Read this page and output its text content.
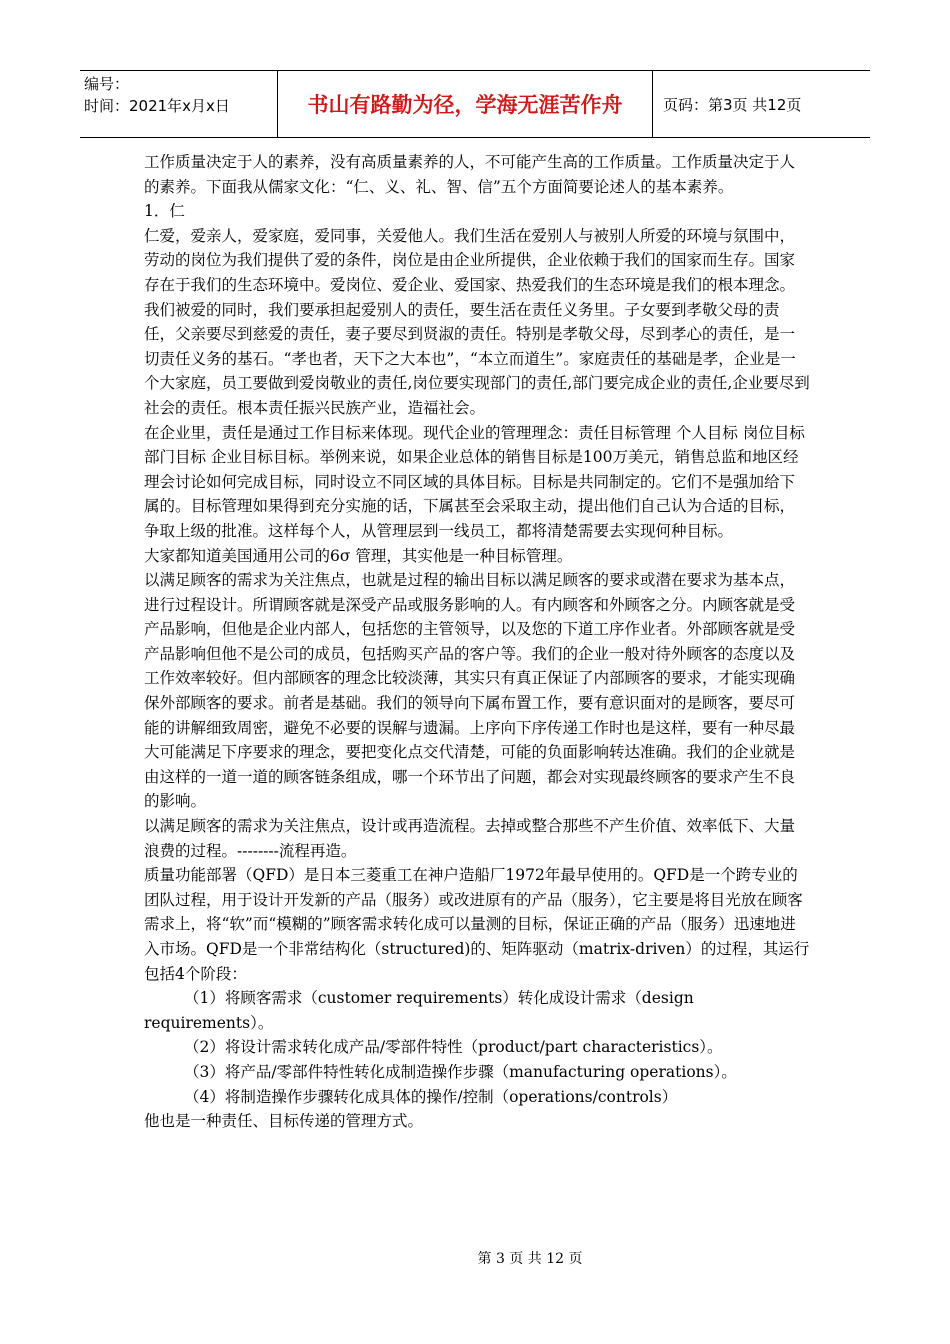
编号：
时间：2021年x月x日	书山有路勤为径，学海无涯苦作舟	页码：第3页 共12页

工作质量决定于人的素养，没有高质量素养的人，不可能产生高的工作质量。工作质量决定于人的素养。下面我从儒家文化：“仁、义、礼、智、信”五个方面简要论述人的基本素养。

1．仁

仁爱，爱亲人，爱家庭，爱同事，关爱他人。我们生活在爱别人与被别人所爱的环境与氛围中，劳动的岗位为我们提供了爱的条件，岗位是由企业所提供，企业依赖于我们的国家而生存。国家存在于我们的生态环境中。爱岗位、爱企业、爱国家、热爱我们的生态环境是我们的根本理念。

我们被爱的同时，我们要承担起爱别人的责任，要生活在责任义务里。子女要到孝敬父母的责任，父亲要尽到慈爱的责任，妻子要尽到贤淑的责任。特别是孝敬父母，尽到孝心的责任，是一切责任义务的基石。“孝也者，天下之大本也”，“本立而道生”。家庭责任的基础是孝，企业是一个大家庭，员工要做到爱岗敬业的责任,岗位要实现部门的责任,部门要完成企业的责任,企业要尽到社会的责任。根本责任振兴民族产业，造福社会。

在企业里，责任是通过工作目标来体现。现代企业的管理理念：责任目标管理 个人目标 岗位目标 部门目标 企业目标目标。举例来说，如果企业总体的销售目标是100万美元，销售总监和地区经理会讨论如何完成目标，同时设立不同区域的具体目标。目标是共同制定的。它们不是强加给下属的。目标管理如果得到充分实施的话，下属甚至会采取主动，提出他们自己认为合适的目标，争取上级的批准。这样每个人，从管理层到一线员工，都将清楚需要去实现何种目标。

大家都知道美国通用公司的6σ 管理，其实他是一种目标管理。

以满足顾客的需求为关注焦点，也就是过程的输出目标以满足顾客的要求或潜在要求为基本点，进行过程设计。所谓顾客就是深受产品或服务影响的人。有内顾客和外顾客之分。内顾客就是受产品影响，但他是企业内部人，包括您的主管领导，以及您的下道工序作业者。外部顾客就是受产品影响但他不是公司的成员，包括购买产品的客户等。我们的企业一般对待外顾客的态度以及工作效率较好。但内部顾客的理念比较淡薄，其实只有真正保证了内部顾客的要求，才能实现确保外部顾客的要求。前者是基础。我们的领导向下属布置工作，要有意识面对的是顾客，要尽可能的讲解细致周密，避免不必要的误解与遗漏。上序向下序传递工作时也是这样，要有一种尽最大可能满足下序要求的理念，要把变化点交代清楚，可能的负面影响转达准确。我们的企业就是由这样的一道一道的顾客链条组成，哪一个环节出了问题，都会对实现最终顾客的要求产生不良的影响。

以满足顾客的需求为关注焦点，设计或再造流程。去掉或整合那些不产生价值、效率低下、大量浪费的过程。--------流程再造。

质量功能部署（QFD）是日本三菱重工在神户造船厂1972年最早使用的。QFD是一个跨专业的团队过程，用于设计开发新的产品（服务）或改进原有的产品（服务），它主要是将目光放在顾客需求上，将“软”而“模糊的”顾客需求转化成可以量测的目标，保证正确的产品（服务）迅速地进入市场。QFD是一个非常结构化（structured)的、矩阵驱动（matrix-driven）的过程，其运行包括4个阶段：

（1）将顾客需求（customer requirements）转化成设计需求（design requirements）。

（2）将设计需求转化成产品/零部件特性（product/part characteristics）。

（3）将产品/零部件特性转化成制造操作步骤（manufacturing operations）。

（4）将制造操作步骤转化成具体的操作/控制（operations/controls）

他也是一种责任、目标传递的管理方式。

第 3 页 共 12 页
